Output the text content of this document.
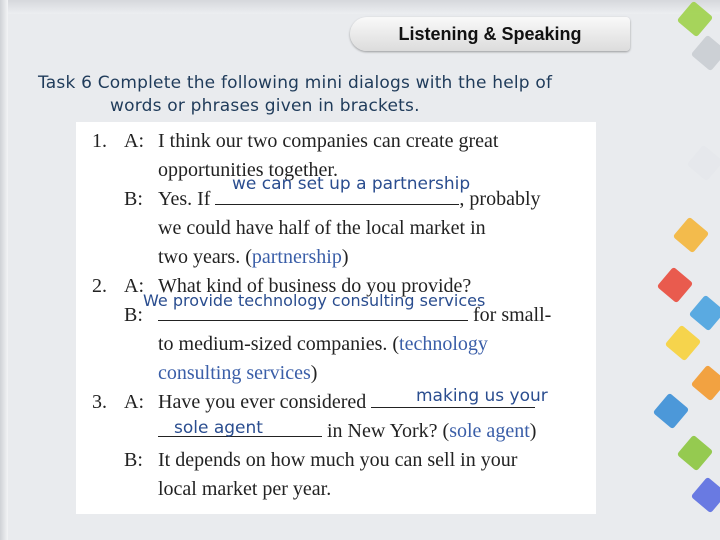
Listening & Speaking
Task 6 Complete the following mini dialogs with the help of
words or phrases given in brackets.
1. A: I think our two companies can create great
opportunities together.
B: Yes. If	, probably
we could have half of the local market in
two years. (partnership)
2. A: What kind of business do you provide?
B:	for small-
to medium-sized companies. (technology
consulting services)
3. A: Have you ever considered
in New York? (sole agent)
B: It depends on how much you can sell in your
local market per year.
we can set up a partnership
We provide technology consulting services
making us your
sole agent
